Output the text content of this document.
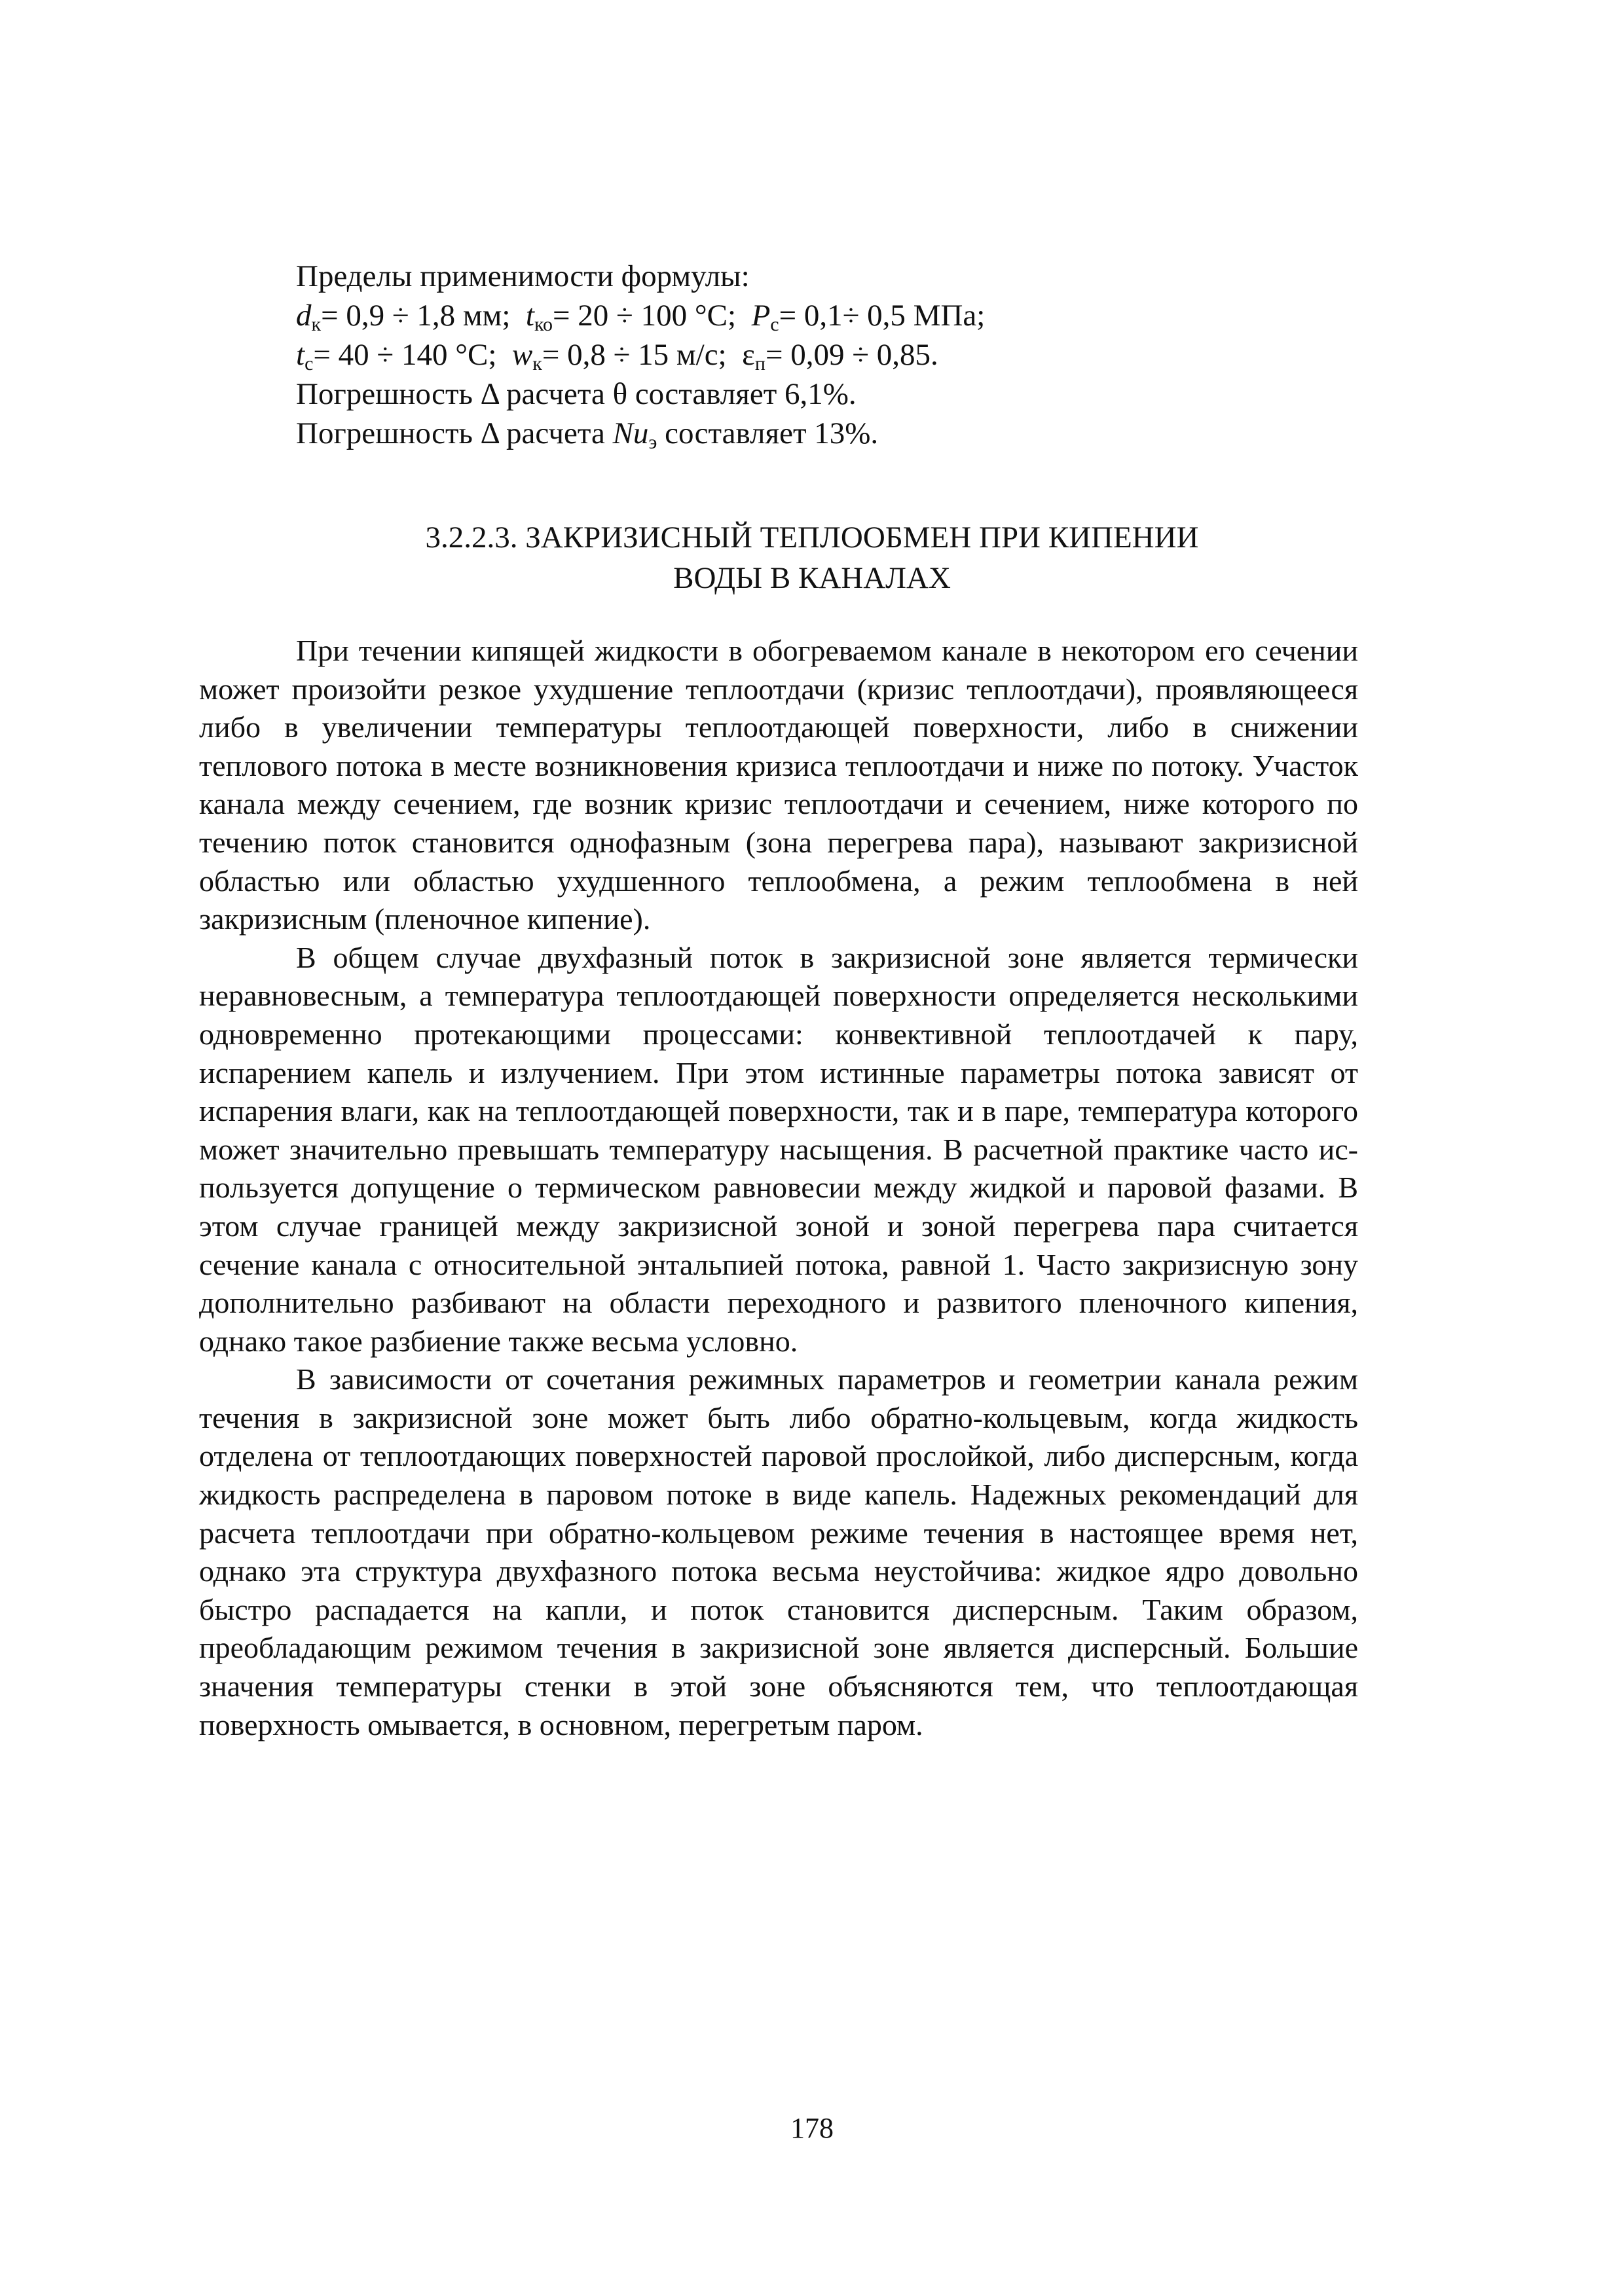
Пределы применимости формулы:
$d_к= 0,9 \div 1,8$ мм; $t_{ко}= 20 \div 100$ °C; $P_c= 0,1\div 0,5$ МПа;
$t_c= 40 \div 140$ °C; $w_к= 0,8 \div 15$ м/с; $\varepsilon_п= 0,09 \div 0,85$.
Погрешность Δ расчета θ составляет 6,1%.
Погрешность Δ расчета $Nu_э$ составляет 13%.
3.2.2.3. ЗАКРИЗИСНЫЙ ТЕПЛООБМЕН ПРИ КИПЕНИИ
ВОДЫ В КАНАЛАХ

При течении кипящей жидкости в обогреваемом канале в некотором его сечении может произойти резкое ухудшение теплоотдачи (кризис теплоотдачи), проявляющееся либо в увеличении температуры теплоотдающей поверхности, либо в снижении теплового потока в месте возникновения кризиса теплоотдачи и ниже по потоку. Участок канала между сечением, где возник кризис теплоотдачи и сечением, ниже которого по течению поток становится однофазным (зона перегрева пара), называют закризисной областью или областью ухудшенного теплообмена, а режим теплообмена в ней закризисным (пленочное кипение).

В общем случае двухфазный поток в закризисной зоне является термически неравновесным, а температура теплоотдающей поверхности определяется несколькими одновременно протекающими процессами: конвективной теплоотдачей к пару, испарением капель и излучением. При этом истинные параметры потока зависят от испарения влаги, как на теплоотдающей поверхности, так и в паре, температура которого может значительно превышать температуру насыщения. В расчетной практике часто используется допущение о термическом равновесии между жидкой и паровой фазами. В этом случае границей между закризисной зоной и зоной перегрева пара считается сечение канала с относительной энтальпией потока, равной 1. Часто закризисную зону дополнительно разбивают на области переходного и развитого пленочного кипения, однако такое разбиение также весьма условно.

В зависимости от сочетания режимных параметров и геометрии канала режим течения в закризисной зоне может быть либо обратно-кольцевым, когда жидкость отделена от теплоотдающих поверхностей паровой прослойкой, либо дисперсным, когда жидкость распределена в паровом потоке в виде капель. Надежных рекомендаций для расчета теплоотдачи при обратно-кольцевом режиме течения в настоящее время нет, однако эта структура двухфазного потока весьма неустойчива: жидкое ядро довольно быстро распадается на капли, и поток становится дисперсным. Таким образом, преобладающим режимом течения в закризисной зоне является дисперсный. Большие значения температуры стенки в этой зоне объясняются тем, что теплоотдающая поверхность омывается, в основном, перегретым паром.

178
